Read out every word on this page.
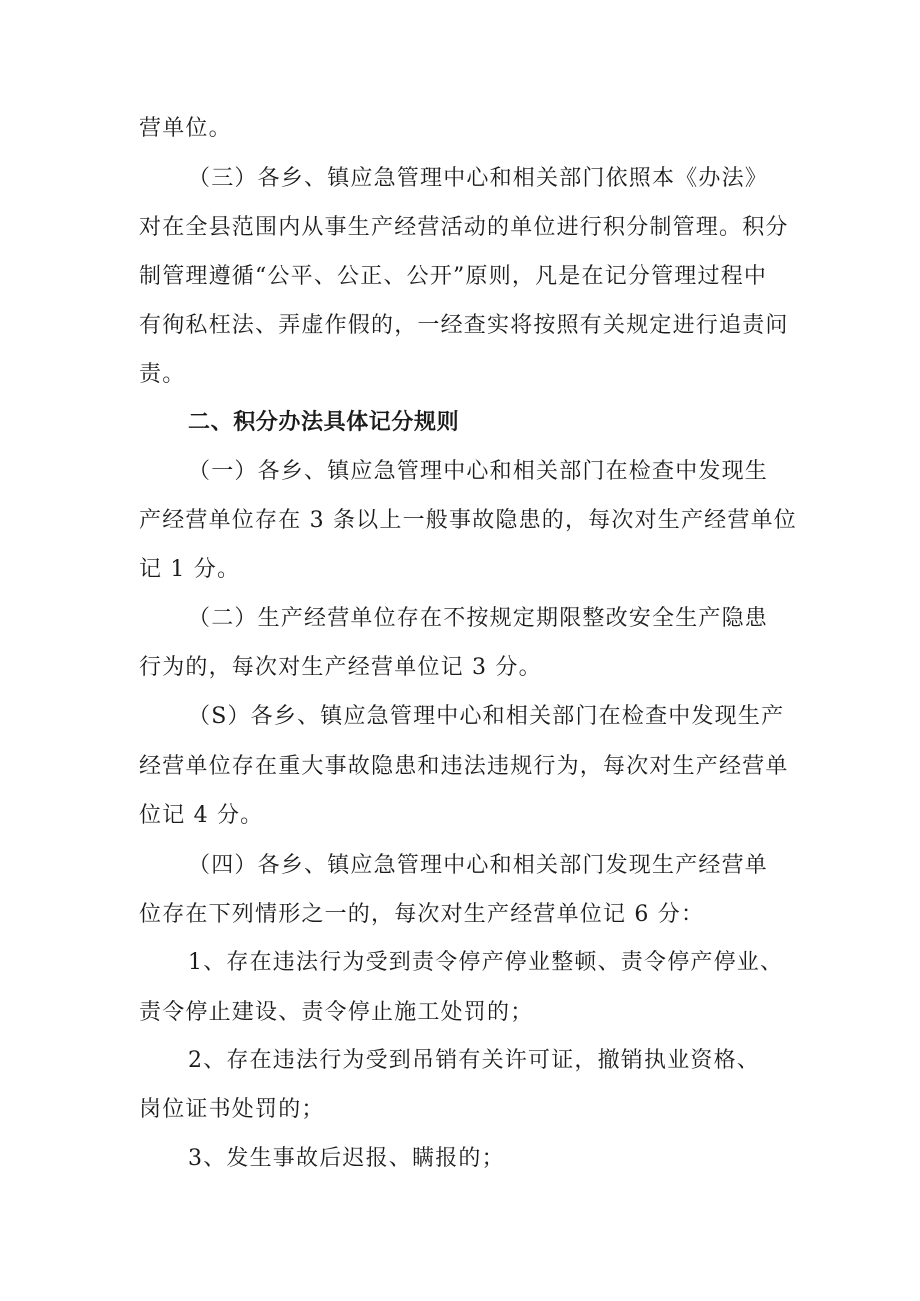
营单位。
（三）各乡、镇应急管理中心和相关部门依照本《办法》
对在全县范围内从事生产经营活动的单位进行积分制管理。积分
制管理遵循“公平、公正、公开”原则，凡是在记分管理过程中
有徇私枉法、弄虚作假的，一经查实将按照有关规定进行追责问
责。
二、积分办法具体记分规则
（一）各乡、镇应急管理中心和相关部门在检查中发现生
产经营单位存在 3 条以上一般事故隐患的，每次对生产经营单位
记 1 分。
（二）生产经营单位存在不按规定期限整改安全生产隐患
行为的，每次对生产经营单位记 3 分。
（S）各乡、镇应急管理中心和相关部门在检查中发现生产
经营单位存在重大事故隐患和违法违规行为，每次对生产经营单
位记 4 分。
（四）各乡、镇应急管理中心和相关部门发现生产经营单
位存在下列情形之一的，每次对生产经营单位记 6 分：
1、存在违法行为受到责令停产停业整顿、责令停产停业、
责令停止建设、责令停止施工处罚的；
2、存在违法行为受到吊销有关许可证，撤销执业资格、
岗位证书处罚的；
3、发生事故后迟报、瞒报的；
